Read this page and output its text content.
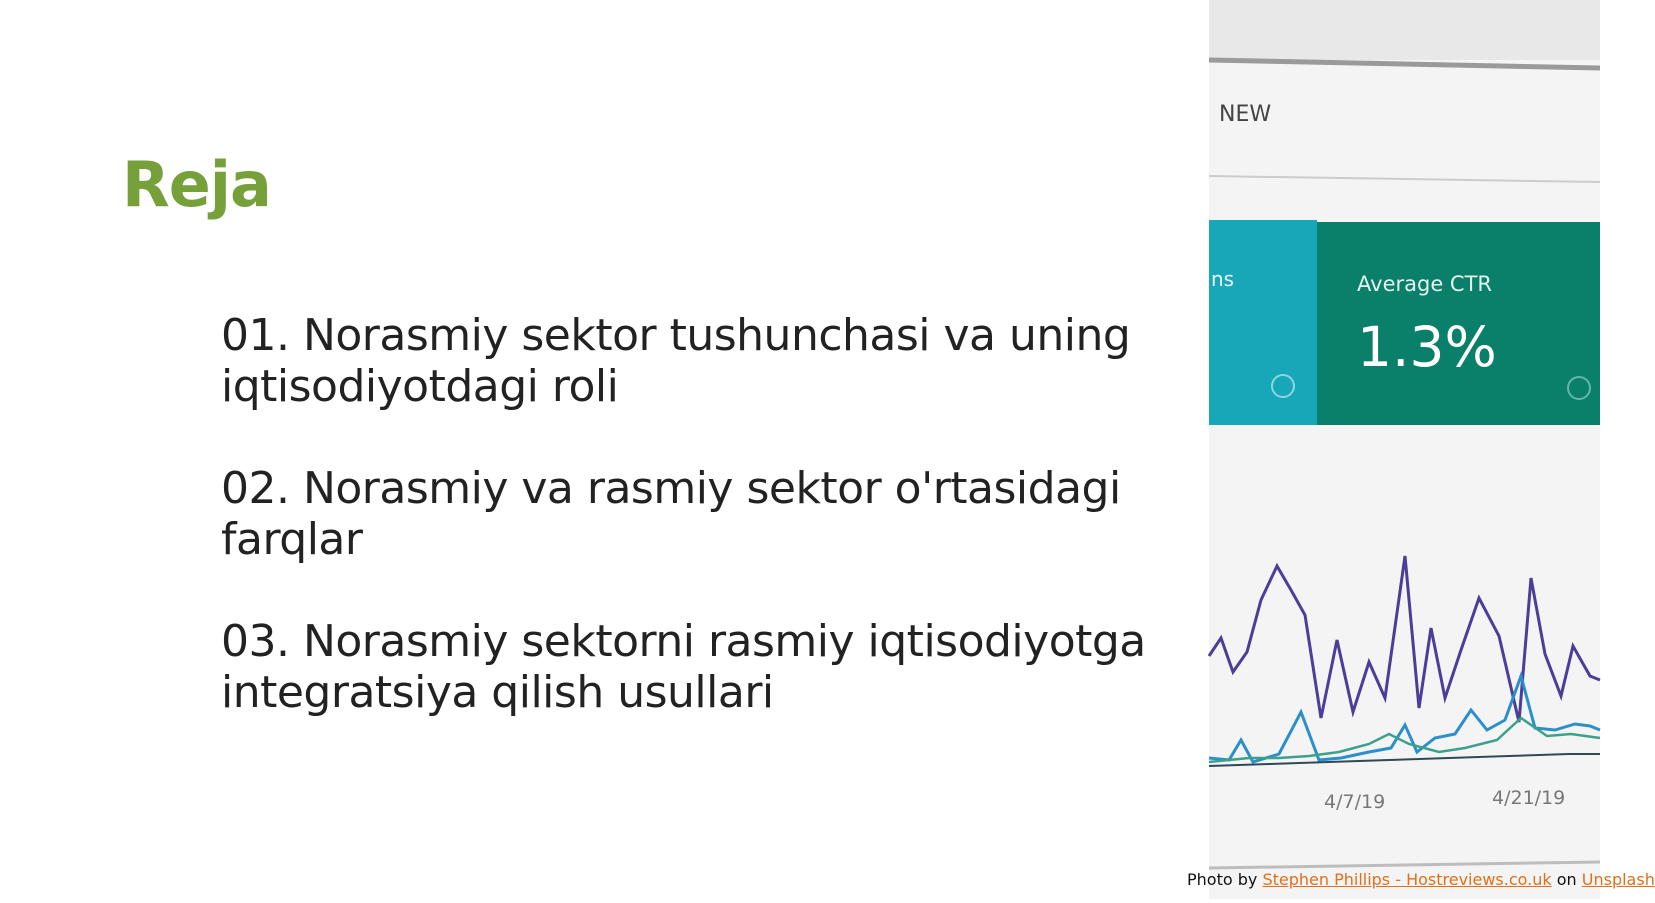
Reja
01. Norasmiy sektor tushunchasi va uning iqtisodiyotdagi roli
02. Norasmiy va rasmiy sektor o'rtasidagi farqlar
03. Norasmiy sektorni rasmiy iqtisodiyotga integratsiya qilish usullari
NEW
ns	Average CTR
1.3%
4/7/19	4/21/19
Photo by Stephen Phillips - Hostreviews.co.uk on Unsplash
